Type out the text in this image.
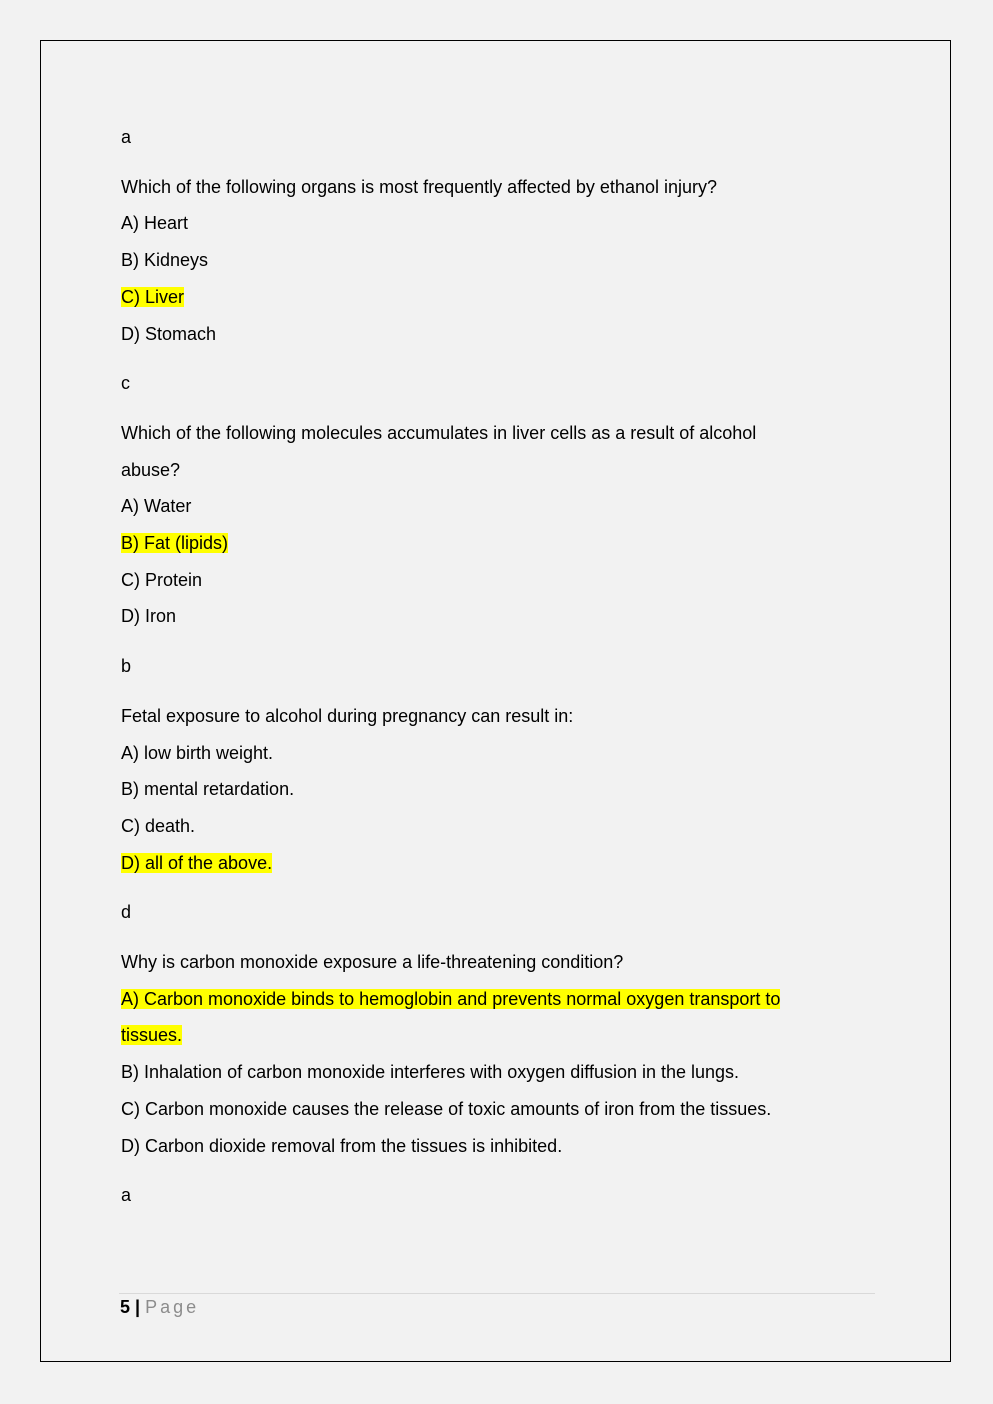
a
Which of the following organs is most frequently affected by ethanol injury?
A) Heart
B) Kidneys
C) Liver
D) Stomach
c
Which of the following molecules accumulates in liver cells as a result of alcohol
abuse?
A) Water
B) Fat (lipids)
C) Protein
D) Iron
b
Fetal exposure to alcohol during pregnancy can result in:
A) low birth weight.
B) mental retardation.
C) death.
D) all of the above.
d
Why is carbon monoxide exposure a life-threatening condition?
A) Carbon monoxide binds to hemoglobin and prevents normal oxygen transport to
tissues.
B) Inhalation of carbon monoxide interferes with oxygen diffusion in the lungs.
C) Carbon monoxide causes the release of toxic amounts of iron from the tissues.
D) Carbon dioxide removal from the tissues is inhibited.
a
5 | Page
